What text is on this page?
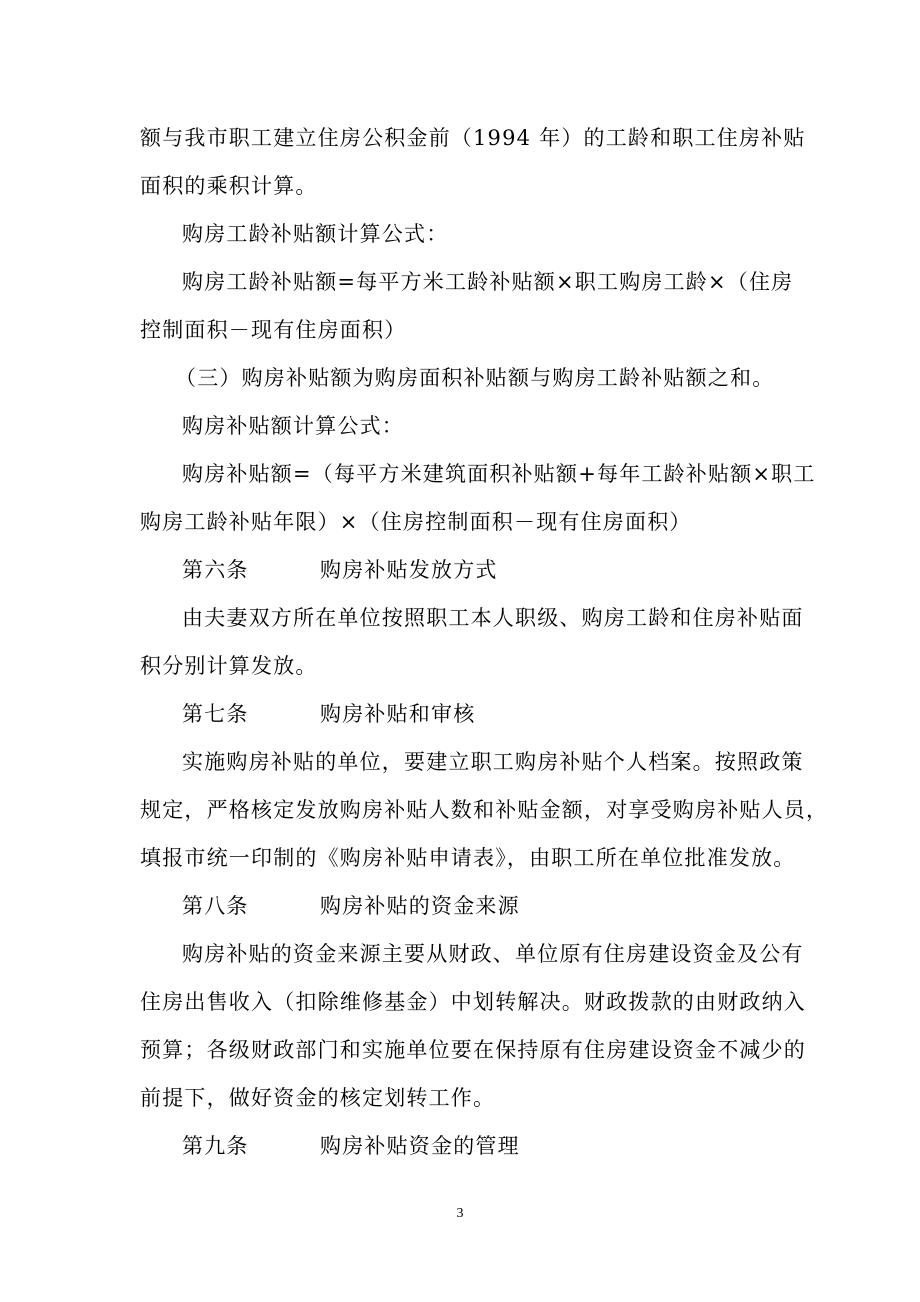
额与我市职工建立住房公积金前（1994 年）的工龄和职工住房补贴
面积的乘积计算。
购房工龄补贴额计算公式：
购房工龄补贴额=每平方米工龄补贴额×职工购房工龄×（住房
控制面积－现有住房面积）
（三）购房补贴额为购房面积补贴额与购房工龄补贴额之和。
购房补贴额计算公式：
购房补贴额=（每平方米建筑面积补贴额+每年工龄补贴额×职工
购房工龄补贴年限）×（住房控制面积－现有住房面积）
第六条	购房补贴发放方式
由夫妻双方所在单位按照职工本人职级、购房工龄和住房补贴面
积分别计算发放。
第七条	购房补贴和审核
实施购房补贴的单位，要建立职工购房补贴个人档案。按照政策
规定，严格核定发放购房补贴人数和补贴金额，对享受购房补贴人员，
填报市统一印制的《购房补贴申请表》，由职工所在单位批准发放。
第八条	购房补贴的资金来源
购房补贴的资金来源主要从财政、单位原有住房建设资金及公有
住房出售收入（扣除维修基金）中划转解决。财政拨款的由财政纳入
预算；各级财政部门和实施单位要在保持原有住房建设资金不减少的
前提下，做好资金的核定划转工作。
第九条	购房补贴资金的管理
3
